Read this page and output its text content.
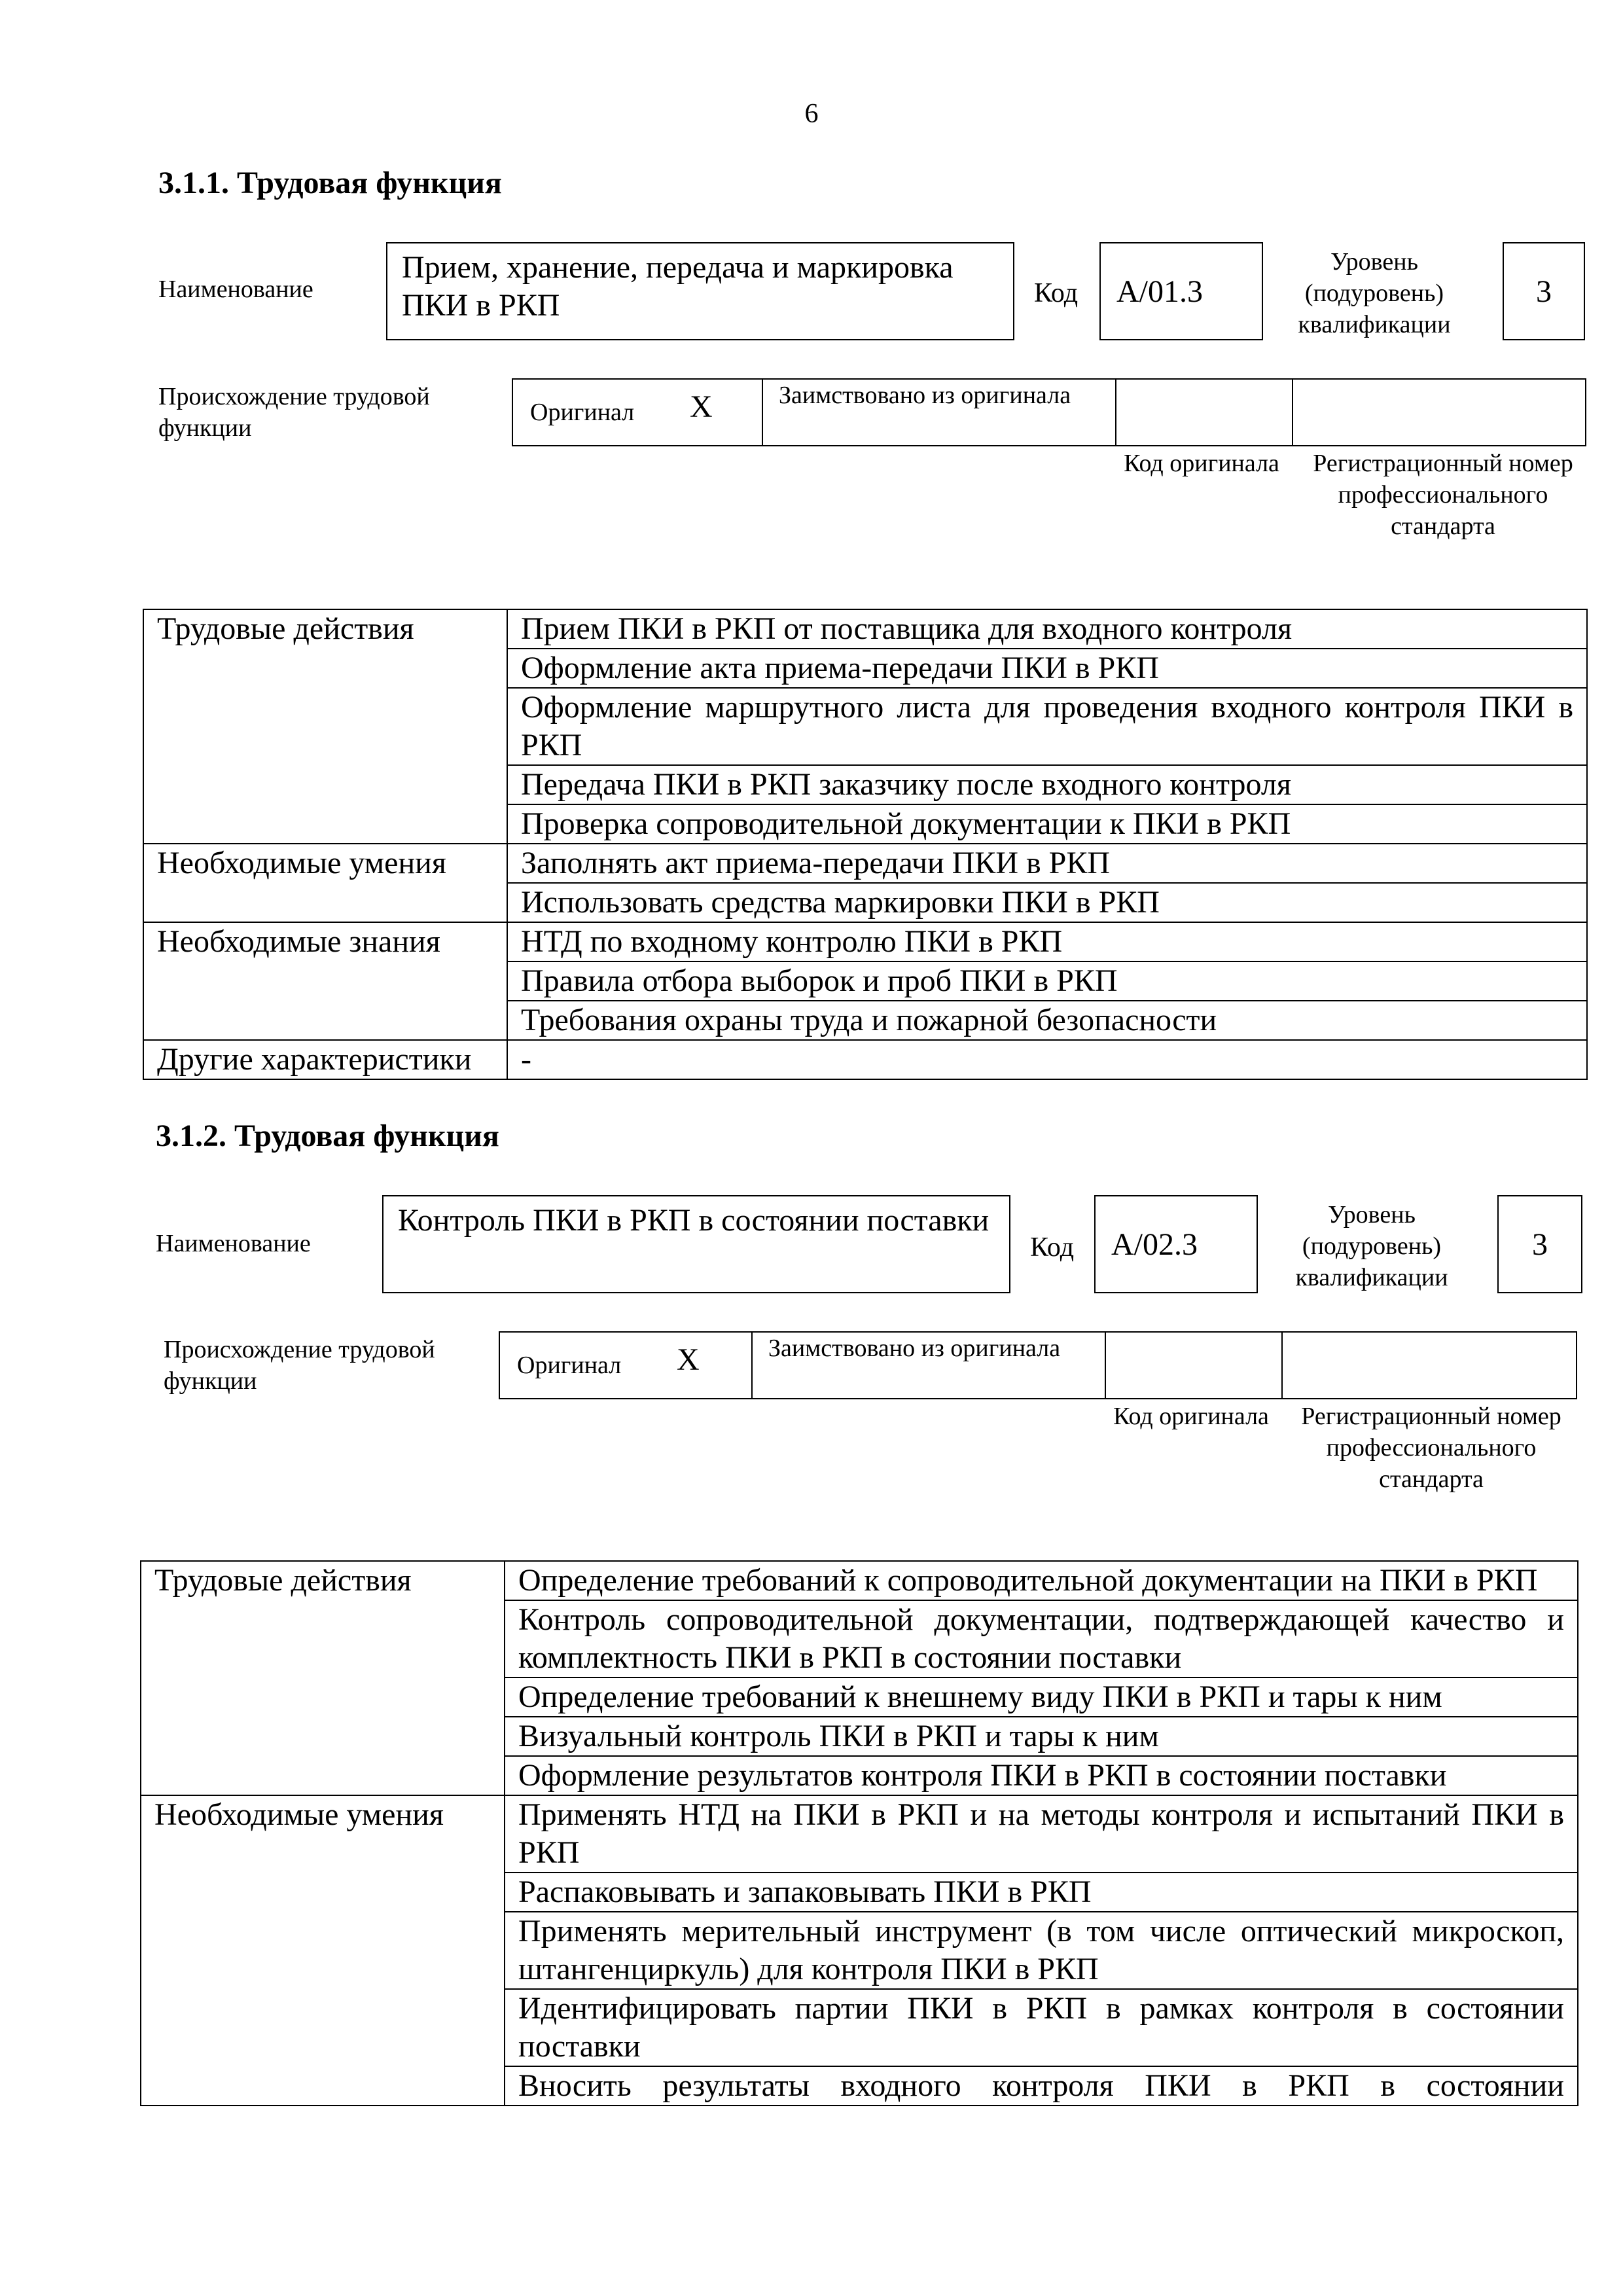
6
3.1.1. Трудовая функция
Наименование
Прием, хранение, передача и маркировка ПКИ в РКП	Код	А/01.3
Уровень (подуровень) квалификации
3
Происхождение трудовой функции
Оригинал X	Заимствовано из оригинала
Код оригинала	Регистрационный номер профессионального стандарта
Трудовые действия	Прием ПКИ в РКП от поставщика для входного контроля
	Оформление акта приема-передачи ПКИ в РКП
	Оформление маршрутного листа для проведения входного контроля ПКИ в РКП
	Передача ПКИ в РКП заказчику после входного контроля
	Проверка сопроводительной документации к ПКИ в РКП
Необходимые умения	Заполнять акт приема-передачи ПКИ в РКП
	Использовать средства маркировки ПКИ в РКП
Необходимые знания	НТД по входному контролю ПКИ в РКП
	Правила отбора выборок и проб ПКИ в РКП
	Требования охраны труда и пожарной безопасности
Другие характеристики	-
3.1.2. Трудовая функция
Наименование
Контроль ПКИ в РКП в состоянии поставки
Код	А/02.3
Уровень (подуровень) квалификации
3
Происхождение трудовой функции
Оригинал X	Заимствовано из оригинала
Код оригинала	Регистрационный номер профессионального стандарта
Трудовые действия	Определение требований к сопроводительной документации на ПКИ в РКП
	Контроль сопроводительной документации, подтверждающей качество и комплектность ПКИ в РКП в состоянии поставки
	Определение требований к внешнему виду ПКИ в РКП и тары к ним
	Визуальный контроль ПКИ в РКП и тары к ним
	Оформление результатов контроля ПКИ в РКП в состоянии поставки
Необходимые умения	Применять НТД на ПКИ в РКП и на методы контроля и испытаний ПКИ в РКП
	Распаковывать и запаковывать ПКИ в РКП
	Применять мерительный инструмент (в том числе оптический микроскоп, штангенциркуль) для контроля ПКИ в РКП
	Идентифицировать партии ПКИ в РКП в рамках контроля в состоянии поставки
	Вносить результаты входного контроля ПКИ в РКП в состоянии
